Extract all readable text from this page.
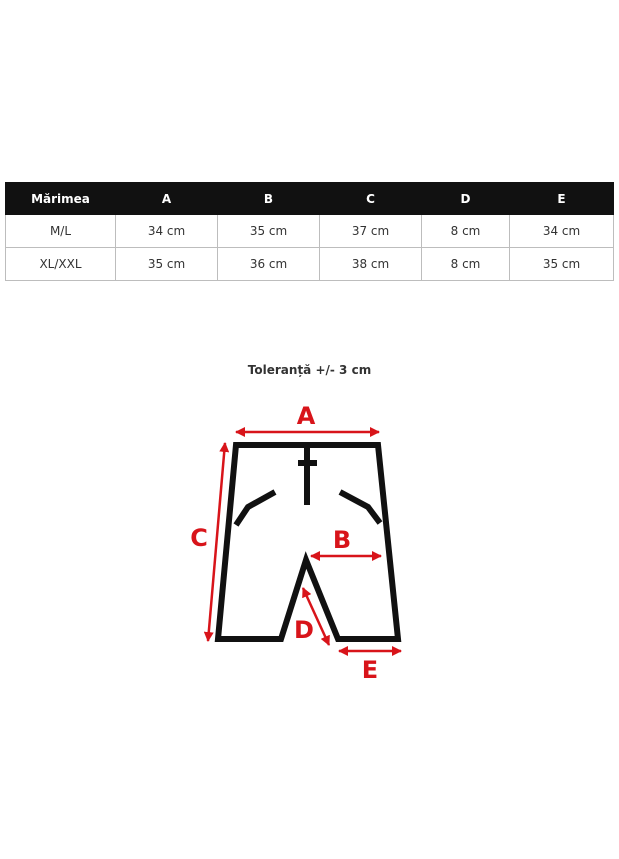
Mărimea	A	B	C	D	E
M/L	34 cm	35 cm	37 cm	8 cm	34 cm
XL/XXL	35 cm	36 cm	38 cm	8 cm	35 cm
Toleranță +/- 3 cm
A
B
C
D
E
